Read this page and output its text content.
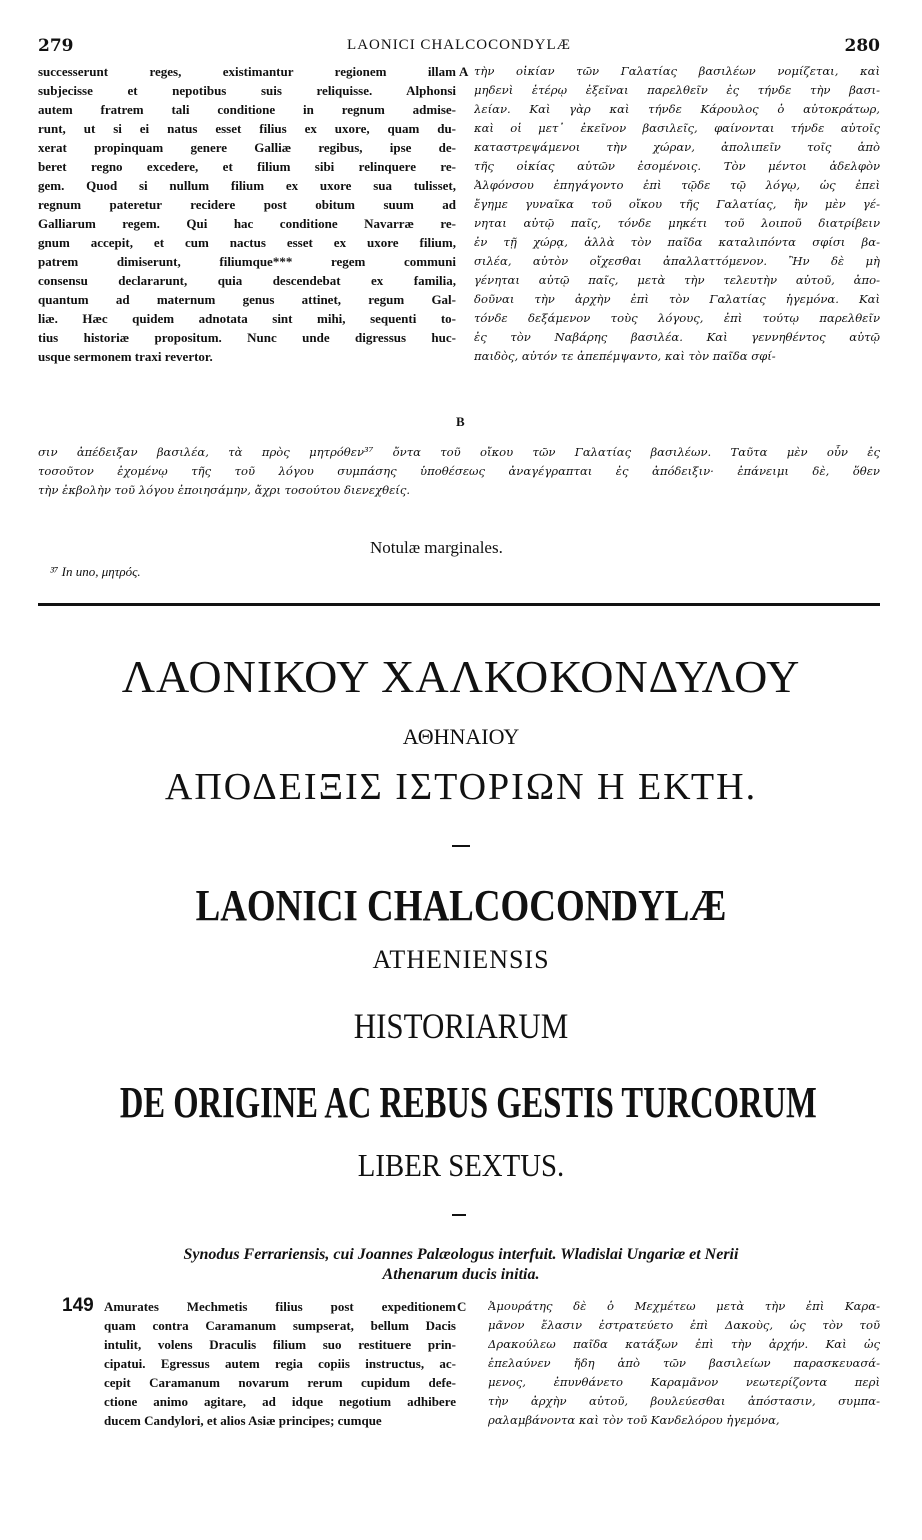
279	LAONICI CHALCOCONDYLÆ	280
successerunt reges, existimantur regionem illam
subjecisse et nepotibus suis reliquisse. Alphonsi
autem fratrem tali conditione in regnum admise-
runt, ut si ei natus esset filius ex uxore, quam du-
xerat propinquam genere Galliæ regibus, ipse de-
beret regno excedere, et filium sibi relinquere re-
gem. Quod si nullum filium ex uxore sua tulisset,
regnum pateretur recidere post obitum suum ad
Galliarum regem. Qui hac conditione Navarræ re-
gnum accepit, et cum nactus esset ex uxore filium,
patrem dimiserunt, filiumque*** regem communi
consensu declararunt, quia descendebat ex familia,
quantum ad maternum genus attinet, regum Gal-
liæ. Hæc quidem adnotata sint mihi, sequenti to-
tius historiæ propositum. Nunc unde digressus huc-
usque sermonem traxi revertor.
A
B
τὴν οἰκίαν τῶν Γαλατίας βασιλέων νομίζεται, καὶ
μηδενὶ ἑτέρῳ ἐξεῖναι παρελθεῖν ἐς τήνδε τὴν βασι-
λείαν. Καὶ γὰρ καὶ τήνδε Κάρουλος ὁ αὐτοκράτωρ,
καὶ οἱ μετ᾽ ἐκεῖνον βασιλεῖς, φαίνονται τήνδε αὐτοῖς
καταστρεψάμενοι τὴν χώραν, ἀπολιπεῖν τοῖς ἀπὸ
τῆς οἰκίας αὐτῶν ἐσομένοις. Τὸν μέντοι ἀδελφὸν
Ἀλφόνσου ἐπηγάγοντο ἐπὶ τῷδε τῷ λόγῳ, ὡς ἐπεὶ
ἔγημε γυναῖκα τοῦ οἴκου τῆς Γαλατίας, ἢν μὲν γέ-
νηται αὐτῷ παῖς, τόνδε μηκέτι τοῦ λοιποῦ διατρίβειν
ἐν τῇ χώρᾳ, ἀλλὰ τὸν παῖδα καταλιπόντα σφίσι βα-
σιλέα, αὐτὸν οἴχεσθαι ἀπαλλαττόμενον. Ἢν δὲ μὴ
γένηται αὐτῷ παῖς, μετὰ τὴν τελευτὴν αὐτοῦ, ἀπο-
δοῦναι τὴν ἀρχὴν ἐπὶ τὸν Γαλατίας ἡγεμόνα. Καὶ
τόνδε δεξάμενον τοὺς λόγους, ἐπὶ τούτῳ παρελθεῖν
ἐς τὸν Ναβάρης βασιλέα. Καὶ γεννηθέντος αὐτῷ
παιδὸς, αὐτόν τε ἀπεπέμψαντο, καὶ τὸν παῖδα σφί-
σιν ἀπέδειξαν βασιλέα, τὰ πρὸς μητρόθεν³⁷ ὄντα τοῦ οἴκου τῶν Γαλατίας βασιλέων. Ταῦτα μὲν οὖν ἐς
τοσοῦτον ἐχομένῳ τῆς τοῦ λόγου συμπάσης ὑποθέσεως ἀναγέγραπται ἐς ἀπόδειξιν· ἐπάνειμι δὲ, ὅθεν
τὴν ἐκβολὴν τοῦ λόγου ἐποιησάμην, ἄχρι τοσούτου διενεχθείς.
Notulæ marginales.
³⁷ In uno, μητρός.
ΛΑΟΝΙΚΟΥ ΧΑΛΚΟΚΟΝΔΥΛΟΥ
ΑΘΗΝΑΙΟΥ
ΑΠΟΔΕΙΞΙΣ ΙΣΤΟΡΙΩΝ Η ΕΚΤΗ.
LAONICI CHALCOCONDYLÆ
ATHENIENSIS
HISTORIARUM
DE ORIGINE AC REBUS GESTIS TURCORUM
LIBER SEXTUS.
Synodus Ferrariensis, cui Joannes Palæologus interfuit. Wladislai Ungariæ et Nerii
Athenarum ducis initia.
149 Amurates Mechmetis filius post expeditionem
quam contra Caramanum sumpserat, bellum Dacis
intulit, volens Draculis filium suo restituere prin-
cipatui. Egressus autem regia copiis instructus, ac-
cepit Caramanum novarum rerum cupidum defe-
ctione animo agitare, ad idque negotium adhibere
ducem Candylori, et alios Asiæ principes; cumque
C Ἀμουράτης δὲ ὁ Μεχμέτεω μετὰ τὴν ἐπὶ Καρα-
μᾶνον ἔλασιν ἐστρατεύετο ἐπὶ Δακοὺς, ὡς τὸν τοῦ
Δρακούλεω παῖδα κατάξων ἐπὶ τὴν ἀρχήν. Καὶ ὡς
ἐπελαύνεν ἤδη ἀπὸ τῶν βασιλείων παρασκευασά-
μενος, ἐπυνθάνετο Καραμᾶνον νεωτερίζοντα περὶ
τὴν ἀρχὴν αὐτοῦ, βουλεύεσθαι ἀπόστασιν, συμπα-
ραλαμβάνοντα καὶ τὸν τοῦ Κανδελόρου ἡγεμόνα,
